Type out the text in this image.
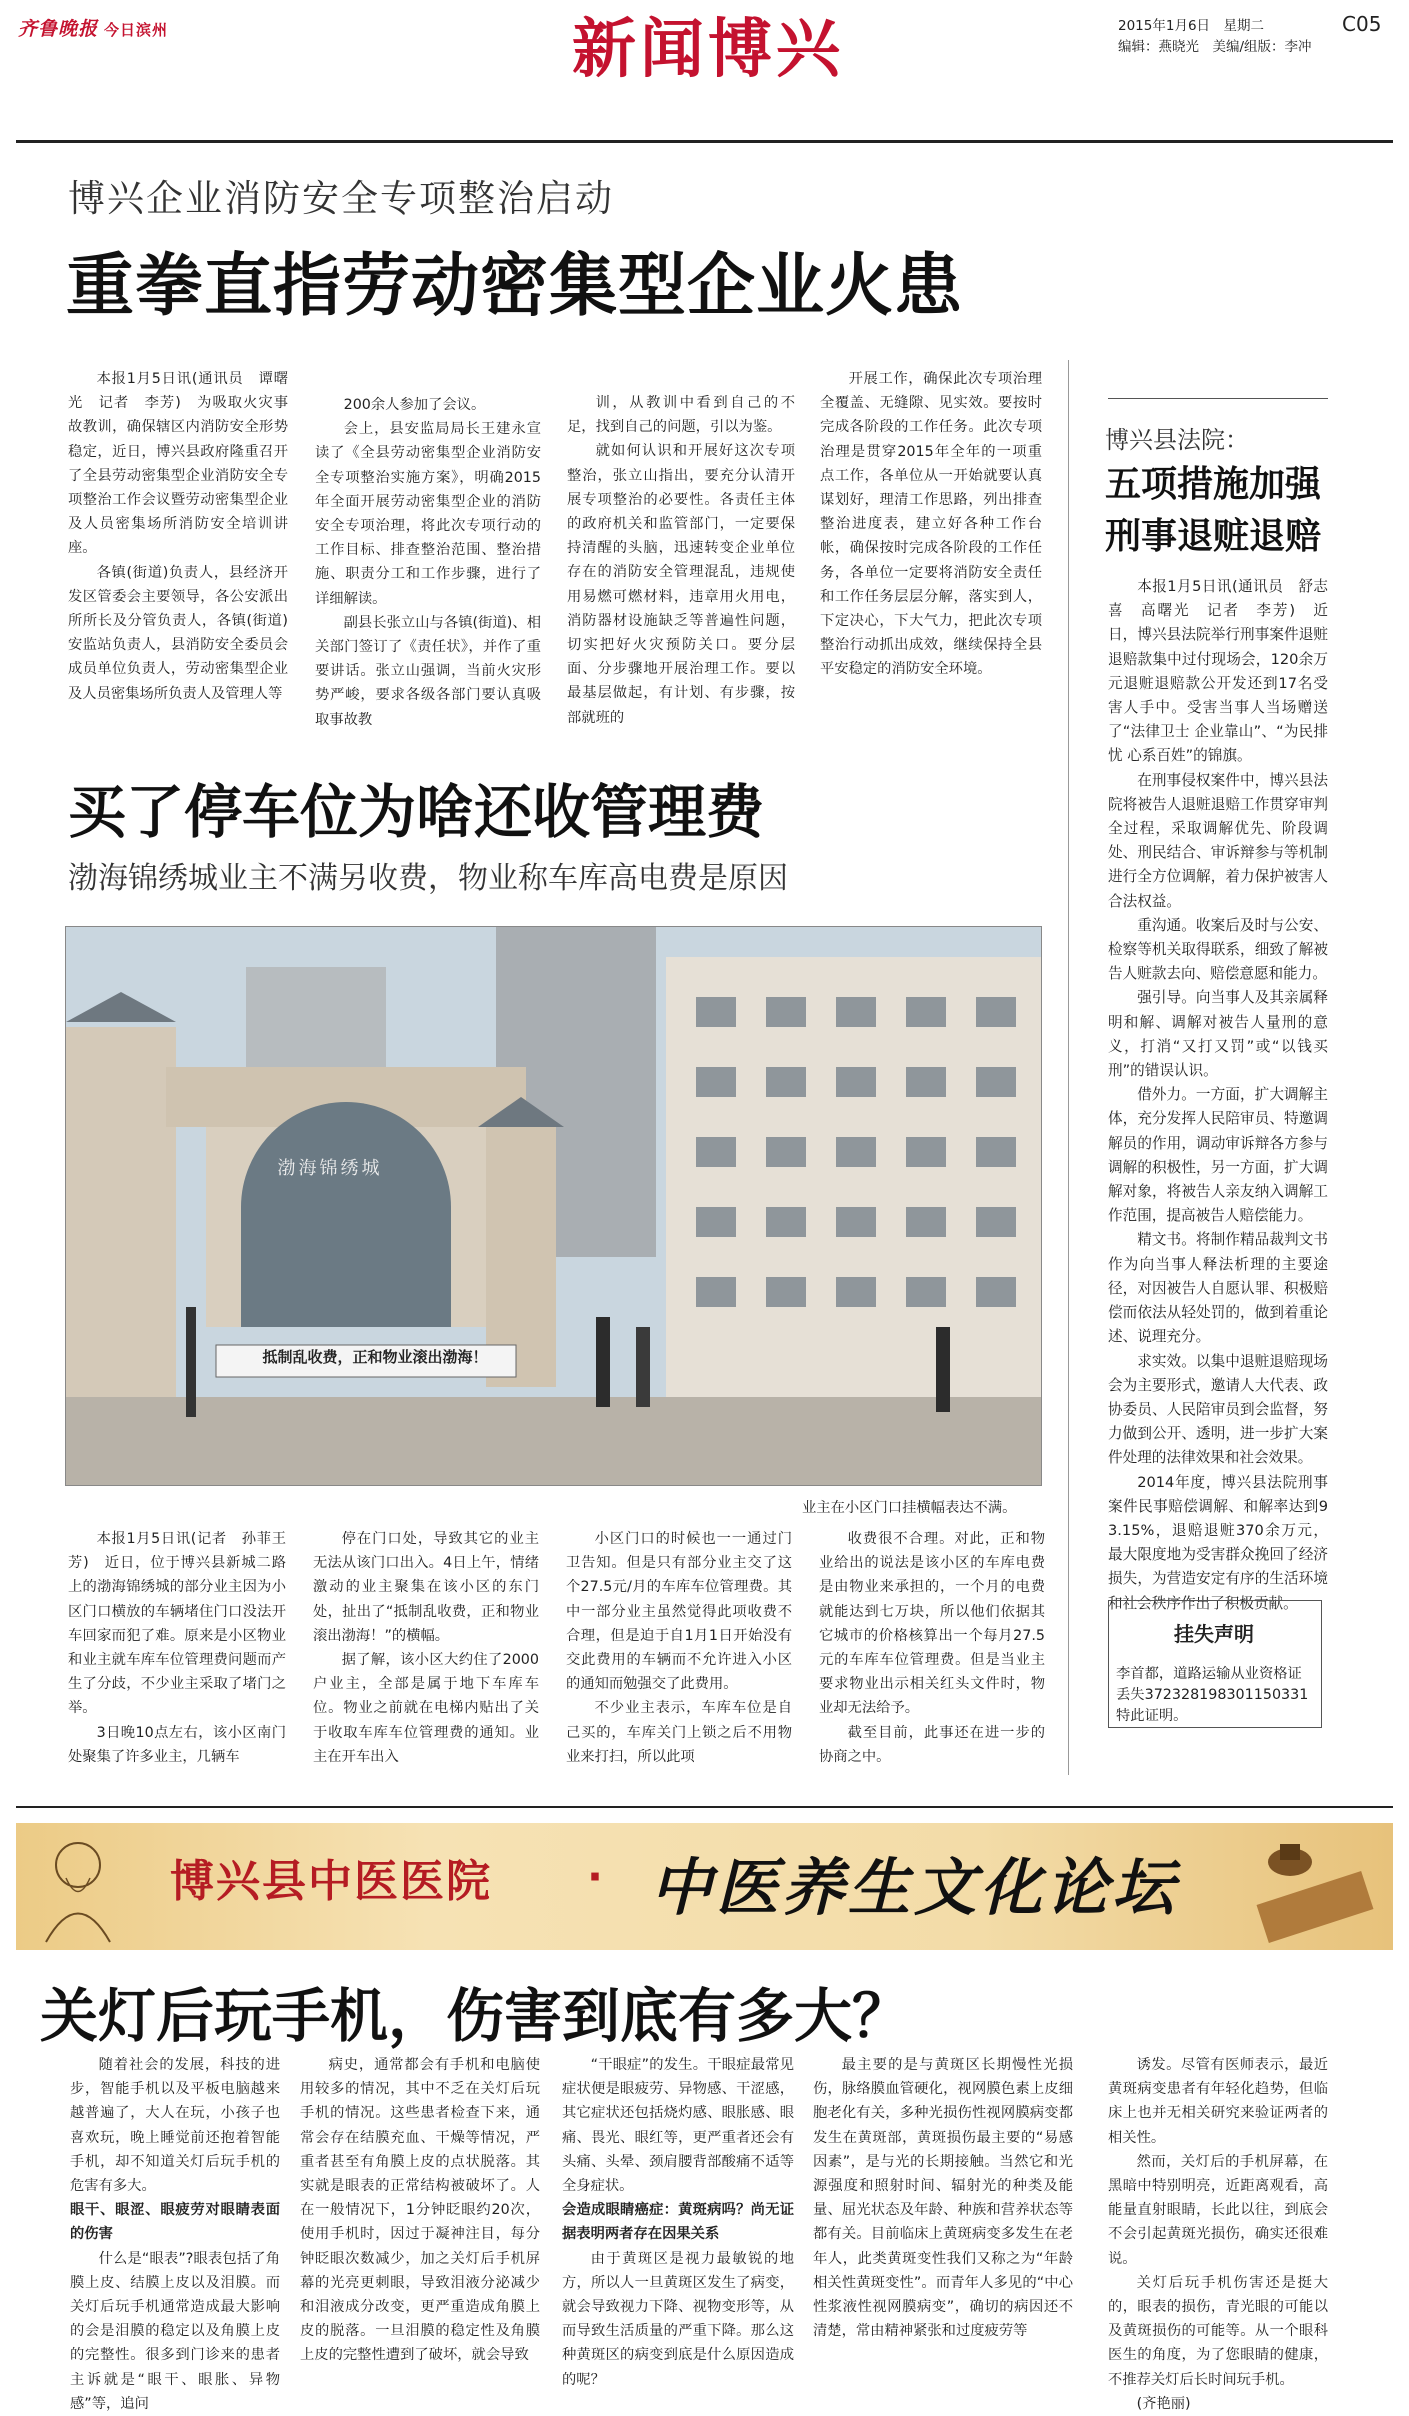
齐鲁晚报 今日滨州	新闻博兴	2015年1月6日　星期二	C05
编辑：燕晓光　美编/组版：李冲
博兴企业消防安全专项整治启动
重拳直指劳动密集型企业火患

本报1月5日讯(通讯员　谭曙光　记者　李芳)　为吸取火灾事故教训，确保辖区内消防安全形势稳定，近日，博兴县政府隆重召开了全县劳动密集型企业消防安全专项整治工作会议暨劳动密集型企业及人员密集场所消防安全培训讲座。

各镇(街道)负责人，县经济开发区管委会主要领导，各公安派出所所长及分管负责人，各镇(街道)安监站负责人，县消防安全委员会成员单位负责人，劳动密集型企业及人员密集场所负责人及管理人等

200余人参加了会议。

会上，县安监局局长王建永宣读了《全县劳动密集型企业消防安全专项整治实施方案》，明确2015年全面开展劳动密集型企业的消防安全专项治理，将此次专项行动的工作目标、排查整治范围、整治措施、职责分工和工作步骤，进行了详细解读。

副县长张立山与各镇(街道)、相关部门签订了《责任状》，并作了重要讲话。张立山强调，当前火灾形势严峻，要求各级各部门要认真吸取事故教

训，从教训中看到自己的不足，找到自己的问题，引以为鉴。

就如何认识和开展好这次专项整治，张立山指出，要充分认清开展专项整治的必要性。各责任主体的政府机关和监管部门，一定要保持清醒的头脑，迅速转变企业单位存在的消防安全管理混乱，违规使用易燃可燃材料，违章用火用电，消防器材设施缺乏等普遍性问题，切实把好火灾预防关口。要分层面、分步骤地开展治理工作。要以最基层做起，有计划、有步骤，按部就班的

开展工作，确保此次专项治理全覆盖、无缝隙、见实效。要按时完成各阶段的工作任务。此次专项治理是贯穿2015年全年的一项重点工作，各单位从一开始就要认真谋划好，理清工作思路，列出排查整治进度表，建立好各种工作台帐，确保按时完成各阶段的工作任务，各单位一定要将消防安全责任和工作任务层层分解，落实到人，下定决心，下大气力，把此次专项整治行动抓出成效，继续保持全县平安稳定的消防安全环境。

博兴县法院：
五项措施加强
刑事退赃退赔

本报1月5日讯(通讯员　舒志喜　高曙光　记者　李芳)　近日，博兴县法院举行刑事案件退赃退赔款集中过付现场会，120余万元退赃退赔款公开发还到17名受害人手中。受害当事人当场赠送了“法律卫士 企业靠山”、“为民排忧 心系百姓”的锦旗。

在刑事侵权案件中，博兴县法院将被告人退赃退赔工作贯穿审判全过程，采取调解优先、阶段调处、刑民结合、审诉辩参与等机制进行全方位调解，着力保护被害人合法权益。

重沟通。收案后及时与公安、检察等机关取得联系，细致了解被告人赃款去向、赔偿意愿和能力。

强引导。向当事人及其亲属释明和解、调解对被告人量刑的意义，打消“又打又罚”或“以钱买刑”的错误认识。

借外力。一方面，扩大调解主体，充分发挥人民陪审员、特邀调解员的作用，调动审诉辩各方参与调解的积极性，另一方面，扩大调解对象，将被告人亲友纳入调解工作范围，提高被告人赔偿能力。

精文书。将制作精品裁判文书作为向当事人释法析理的主要途径，对因被告人自愿认罪、积极赔偿而依法从轻处罚的，做到着重论述、说理充分。

求实效。以集中退赃退赔现场会为主要形式，邀请人大代表、政协委员、人民陪审员到会监督，努力做到公开、透明，进一步扩大案件处理的法律效果和社会效果。

2014年度，博兴县法院刑事案件民事赔偿调解、和解率达到93.15%，退赔退赃370余万元，最大限度地为受害群众挽回了经济损失，为营造安定有序的生活环境和社会秩序作出了积极贡献。

挂失声明
李首都，道路运输从业资格证丢失372328198301150331特此证明。
买了停车位为啥还收管理费
渤海锦绣城业主不满另收费，物业称车库高电费是原因
抵制乱收费，正和物业滚出渤海！
渤海锦绣城
业主在小区门口挂横幅表达不满。

本报1月5日讯(记者　孙菲王芳)　近日，位于博兴县新城二路上的渤海锦绣城的部分业主因为小区门口横放的车辆堵住门口没法开车回家而犯了难。原来是小区物业和业主就车库车位管理费问题而产生了分歧，不少业主采取了堵门之举。

3日晚10点左右，该小区南门处聚集了许多业主，几辆车

停在门口处，导致其它的业主无法从该门口出入。4日上午，情绪激动的业主聚集在该小区的东门处，扯出了“抵制乱收费，正和物业滚出渤海！”的横幅。

据了解，该小区大约住了2000户业主，全部是属于地下车库车位。物业之前就在电梯内贴出了关于收取车库车位管理费的通知。业主在开车出入

小区门口的时候也一一通过门卫告知。但是只有部分业主交了这个27.5元/月的车库车位管理费。其中一部分业主虽然觉得此项收费不合理，但是迫于自1月1日开始没有交此费用的车辆而不允许进入小区的通知而勉强交了此费用。

不少业主表示，车库车位是自己买的，车库关门上锁之后不用物业来打扫，所以此项

收费很不合理。对此，正和物业给出的说法是该小区的车库电费是由物业来承担的，一个月的电费就能达到七万块，所以他们依据其它城市的价格核算出一个每月27.5元的车库车位管理费。但是当业主要求物业出示相关红头文件时，物业却无法给予。

截至目前，此事还在进一步的协商之中。

博兴县中医医院 · 中医养生文化论坛
关灯后玩手机，伤害到底有多大？

随着社会的发展，科技的进步，智能手机以及平板电脑越来越普遍了，大人在玩，小孩子也喜欢玩，晚上睡觉前还抱着智能手机，却不知道关灯后玩手机的危害有多大。

眼干、眼涩、眼疲劳对眼睛表面的伤害

什么是“眼表”?眼表包括了角膜上皮、结膜上皮以及泪膜。而关灯后玩手机通常造成最大影响的会是泪膜的稳定以及角膜上皮的完整性。很多到门诊来的患者主诉就是“眼干、眼胀、异物感”等，追问

病史，通常都会有手机和电脑使用较多的情况，其中不乏在关灯后玩手机的情况。这些患者检查下来，通常会存在结膜充血、干燥等情况，严重者甚至有角膜上皮的点状脱落。其实就是眼表的正常结构被破坏了。人在一般情况下，1分钟眨眼约20次，使用手机时，因过于凝神注目，每分钟眨眼次数减少，加之关灯后手机屏幕的光亮更刺眼，导致泪液分泌减少和泪液成分改变，更严重造成角膜上皮的脱落。一旦泪膜的稳定性及角膜上皮的完整性遭到了破坏，就会导致

“干眼症”的发生。干眼症最常见症状便是眼疲劳、异物感、干涩感，其它症状还包括烧灼感、眼胀感、眼痛、畏光、眼红等，更严重者还会有头痛、头晕、颈肩腰背部酸痛不适等全身症状。

会造成眼睛癌症：黄斑病吗？尚无证据表明两者存在因果关系

由于黄斑区是视力最敏锐的地方，所以人一旦黄斑区发生了病变，就会导致视力下降、视物变形等，从而导致生活质量的严重下降。那么这种黄斑区的病变到底是什么原因造成的呢？

最主要的是与黄斑区长期慢性光损伤，脉络膜血管硬化，视网膜色素上皮细胞老化有关，多种光损伤性视网膜病变都发生在黄斑部，黄斑损伤最主要的“易感因素”，是与光的长期接触。当然它和光源强度和照射时间、辐射光的种类及能量、屈光状态及年龄、种族和营养状态等都有关。目前临床上黄斑病变多发生在老年人，此类黄斑变性我们又称之为“年龄相关性黄斑变性”。而青年人多见的“中心性浆液性视网膜病变”，确切的病因还不清楚，常由精神紧张和过度疲劳等

诱发。尽管有医师表示，最近黄斑病变患者有年轻化趋势，但临床上也并无相关研究来验证两者的相关性。

然而，关灯后的手机屏幕，在黑暗中特别明亮，近距离观看，高能量直射眼睛，长此以往，到底会不会引起黄斑光损伤，确实还很难说。

关灯后玩手机伤害还是挺大的，眼表的损伤，青光眼的可能以及黄斑损伤的可能等。从一个眼科医生的角度，为了您眼睛的健康，不推荐关灯后长时间玩手机。

(齐艳丽)
